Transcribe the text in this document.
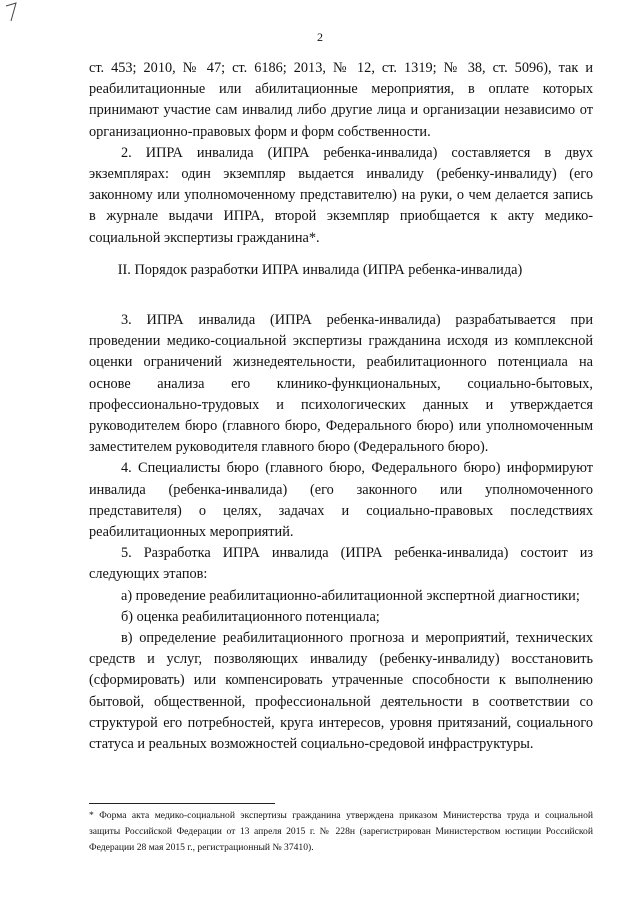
2

ст. 453; 2010, № 47; ст. 6186; 2013, № 12, ст. 1319; № 38, ст. 5096), так и реабилитационные или абилитационные мероприятия, в оплате которых принимают участие сам инвалид либо другие лица и организации независимо от организационно-правовых форм и форм собственности.

2. ИПРА инвалида (ИПРА ребенка-инвалида) составляется в двух экземплярах: один экземпляр выдается инвалиду (ребенку-инвалиду) (его законному или уполномоченному представителю) на руки, о чем делается запись в журнале выдачи ИПРА, второй экземпляр приобщается к акту медико-социальной экспертизы гражданина*.

II. Порядок разработки ИПРА инвалида (ИПРА ребенка-инвалида)

3. ИПРА инвалида (ИПРА ребенка-инвалида) разрабатывается при проведении медико-социальной экспертизы гражданина исходя из комплексной оценки ограничений жизнедеятельности, реабилитационного потенциала на основе анализа его клинико-функциональных, социально-бытовых, профессионально-трудовых и психологических данных и утверждается руководителем бюро (главного бюро, Федерального бюро) или уполномоченным заместителем руководителя главного бюро (Федерального бюро).

4. Специалисты бюро (главного бюро, Федерального бюро) информируют инвалида (ребенка-инвалида) (его законного или уполномоченного представителя) о целях, задачах и социально-правовых последствиях реабилитационных мероприятий.

5. Разработка ИПРА инвалида (ИПРА ребенка-инвалида) состоит из следующих этапов:

а) проведение реабилитационно-абилитационной экспертной диагностики;

б) оценка реабилитационного потенциала;

в) определение реабилитационного прогноза и мероприятий, технических средств и услуг, позволяющих инвалиду (ребенку-инвалиду) восстановить (сформировать) или компенсировать утраченные способности к выполнению бытовой, общественной, профессиональной деятельности в соответствии со структурой его потребностей, круга интересов, уровня притязаний, социального статуса и реальных возможностей социально-средовой инфраструктуры.

* Форма акта медико-социальной экспертизы гражданина утверждена приказом Министерства труда и социальной защиты Российской Федерации от 13 апреля 2015 г. № 228н (зарегистрирован Министерством юстиции Российской Федерации 28 мая 2015 г., регистрационный № 37410).
